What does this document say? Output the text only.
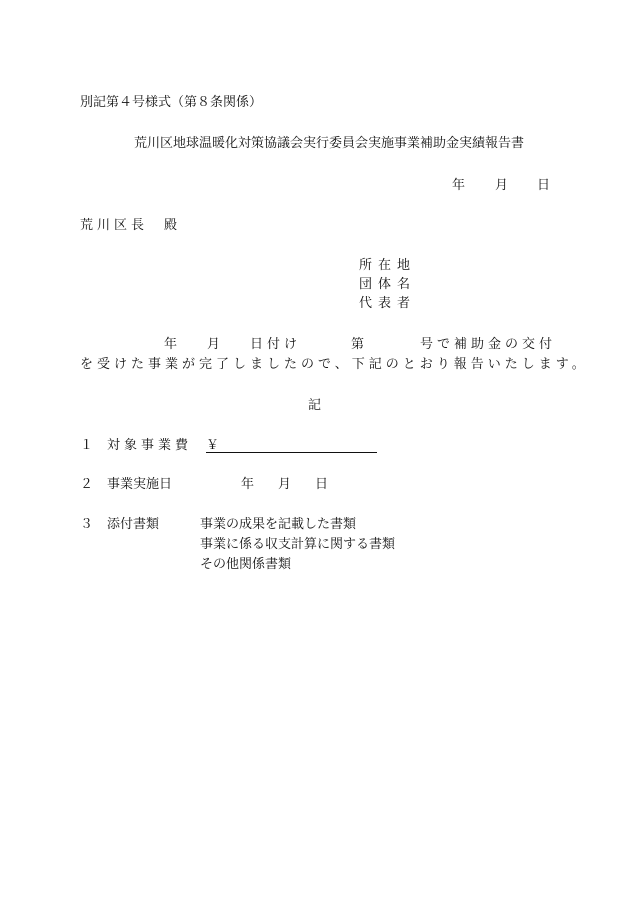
別記第４号様式（第８条関係）
荒川区地球温暖化対策協議会実行委員会実施事業補助金実績報告書
年 月 日
荒川区長 殿
所在地
団体名
代表者
年 月 日付け	第	号で補助金の交付
を受けた事業が完了しましたので、下記のとおり報告いたします。
記
１ 対象事業費 ￥
２ 事業実施日	年 月 日
３ 添付書類	事業の成果を記載した書類
事業に係る収支計算に関する書類
その他関係書類
